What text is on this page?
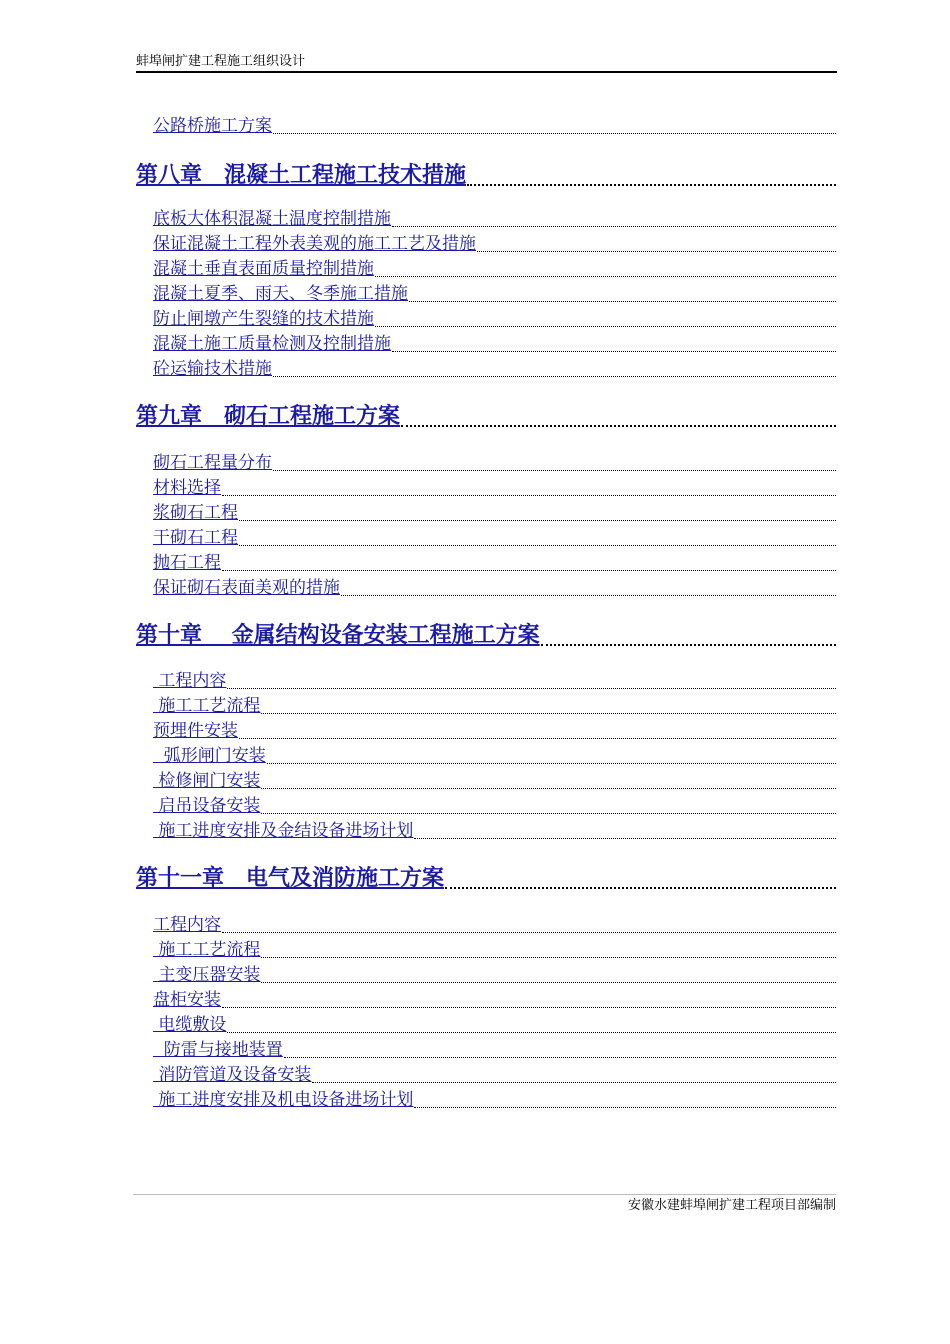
蚌埠闸扩建工程施工组织设计
公路桥施工方案
第八章　混凝土工程施工技术措施
底板大体积混凝土温度控制措施
保证混凝土工程外表美观的施工工艺及措施
混凝土垂直表面质量控制措施
混凝土夏季、雨天、冬季施工措施
防止闸墩产生裂缝的技术措施
混凝土施工质量检测及控制措施
砼运输技术措施
第九章　砌石工程施工方案
砌石工程量分布
材料选择
浆砌石工程
干砌石工程
抛石工程
保证砌石表面美观的措施
第十章　 金属结构设备安装工程施工方案
工程内容
施工工艺流程
预埋件安装
弧形闸门安装
检修闸门安装
启吊设备安装
施工进度安排及金结设备进场计划
第十一章　电气及消防施工方案
工程内容
施工工艺流程
主变压器安装
盘柜安装
电缆敷设
防雷与接地装置
消防管道及设备安装
施工进度安排及机电设备进场计划
安徽水建蚌埠闸扩建工程项目部编制
